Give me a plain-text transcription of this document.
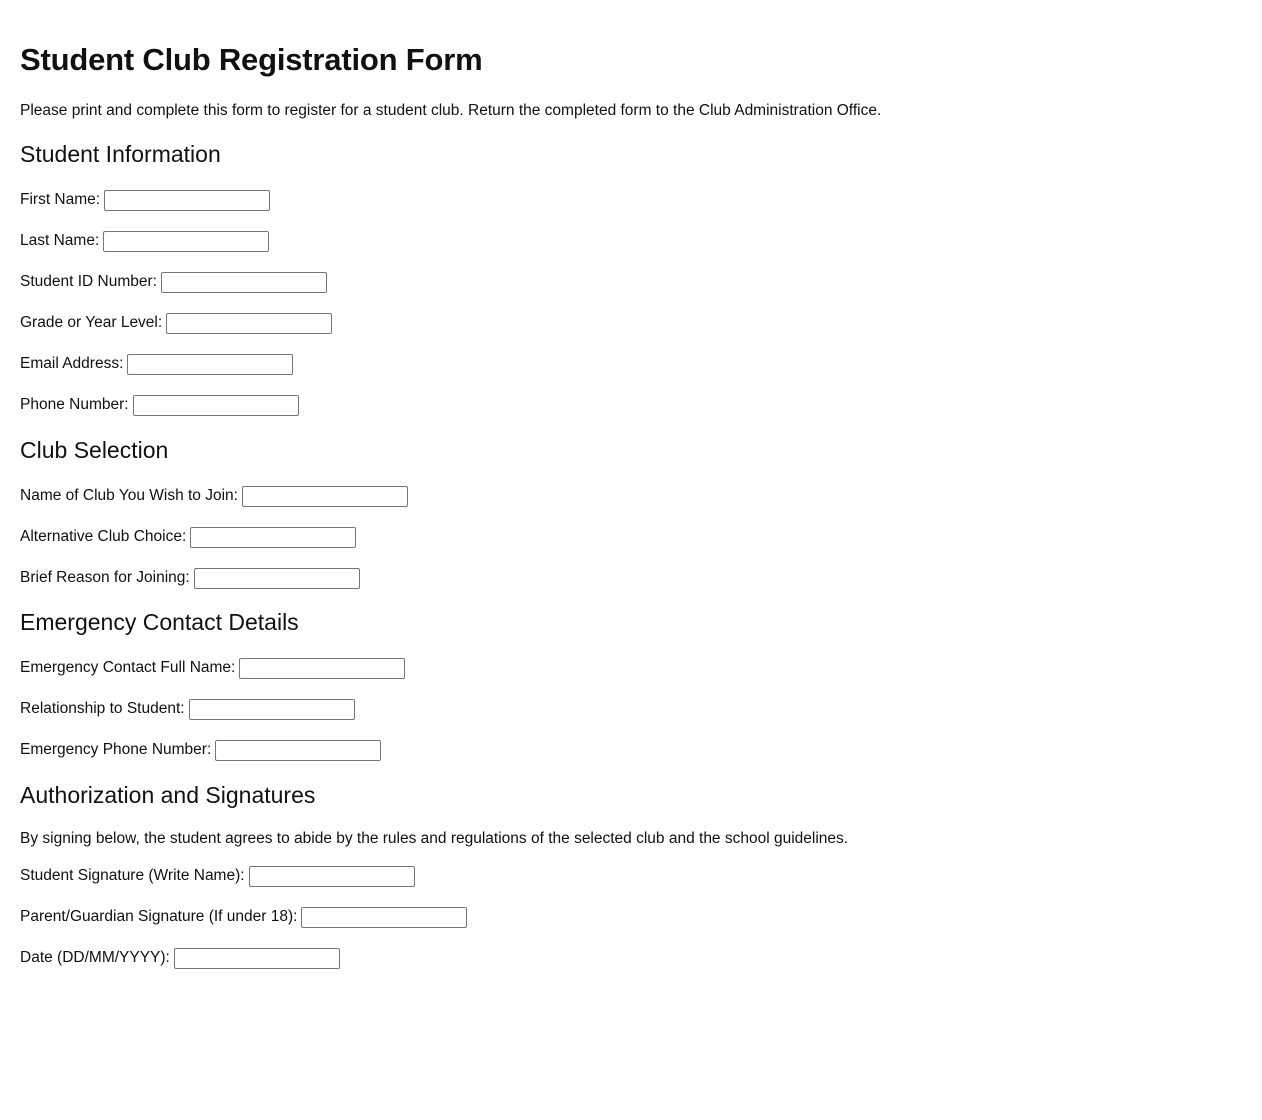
Student Club Registration Form

Please print and complete this form to register for a student club. Return the completed form to the Club Administration Office.

Student Information
First Name:
Last Name:
Student ID Number:
Grade or Year Level:
Email Address:
Phone Number:
Club Selection
Name of Club You Wish to Join:
Alternative Club Choice:
Brief Reason for Joining:
Emergency Contact Details
Emergency Contact Full Name:
Relationship to Student:
Emergency Phone Number:
Authorization and Signatures

By signing below, the student agrees to abide by the rules and regulations of the selected club and the school guidelines.

Student Signature (Write Name):
Parent/Guardian Signature (If under 18):
Date (DD/MM/YYYY):
